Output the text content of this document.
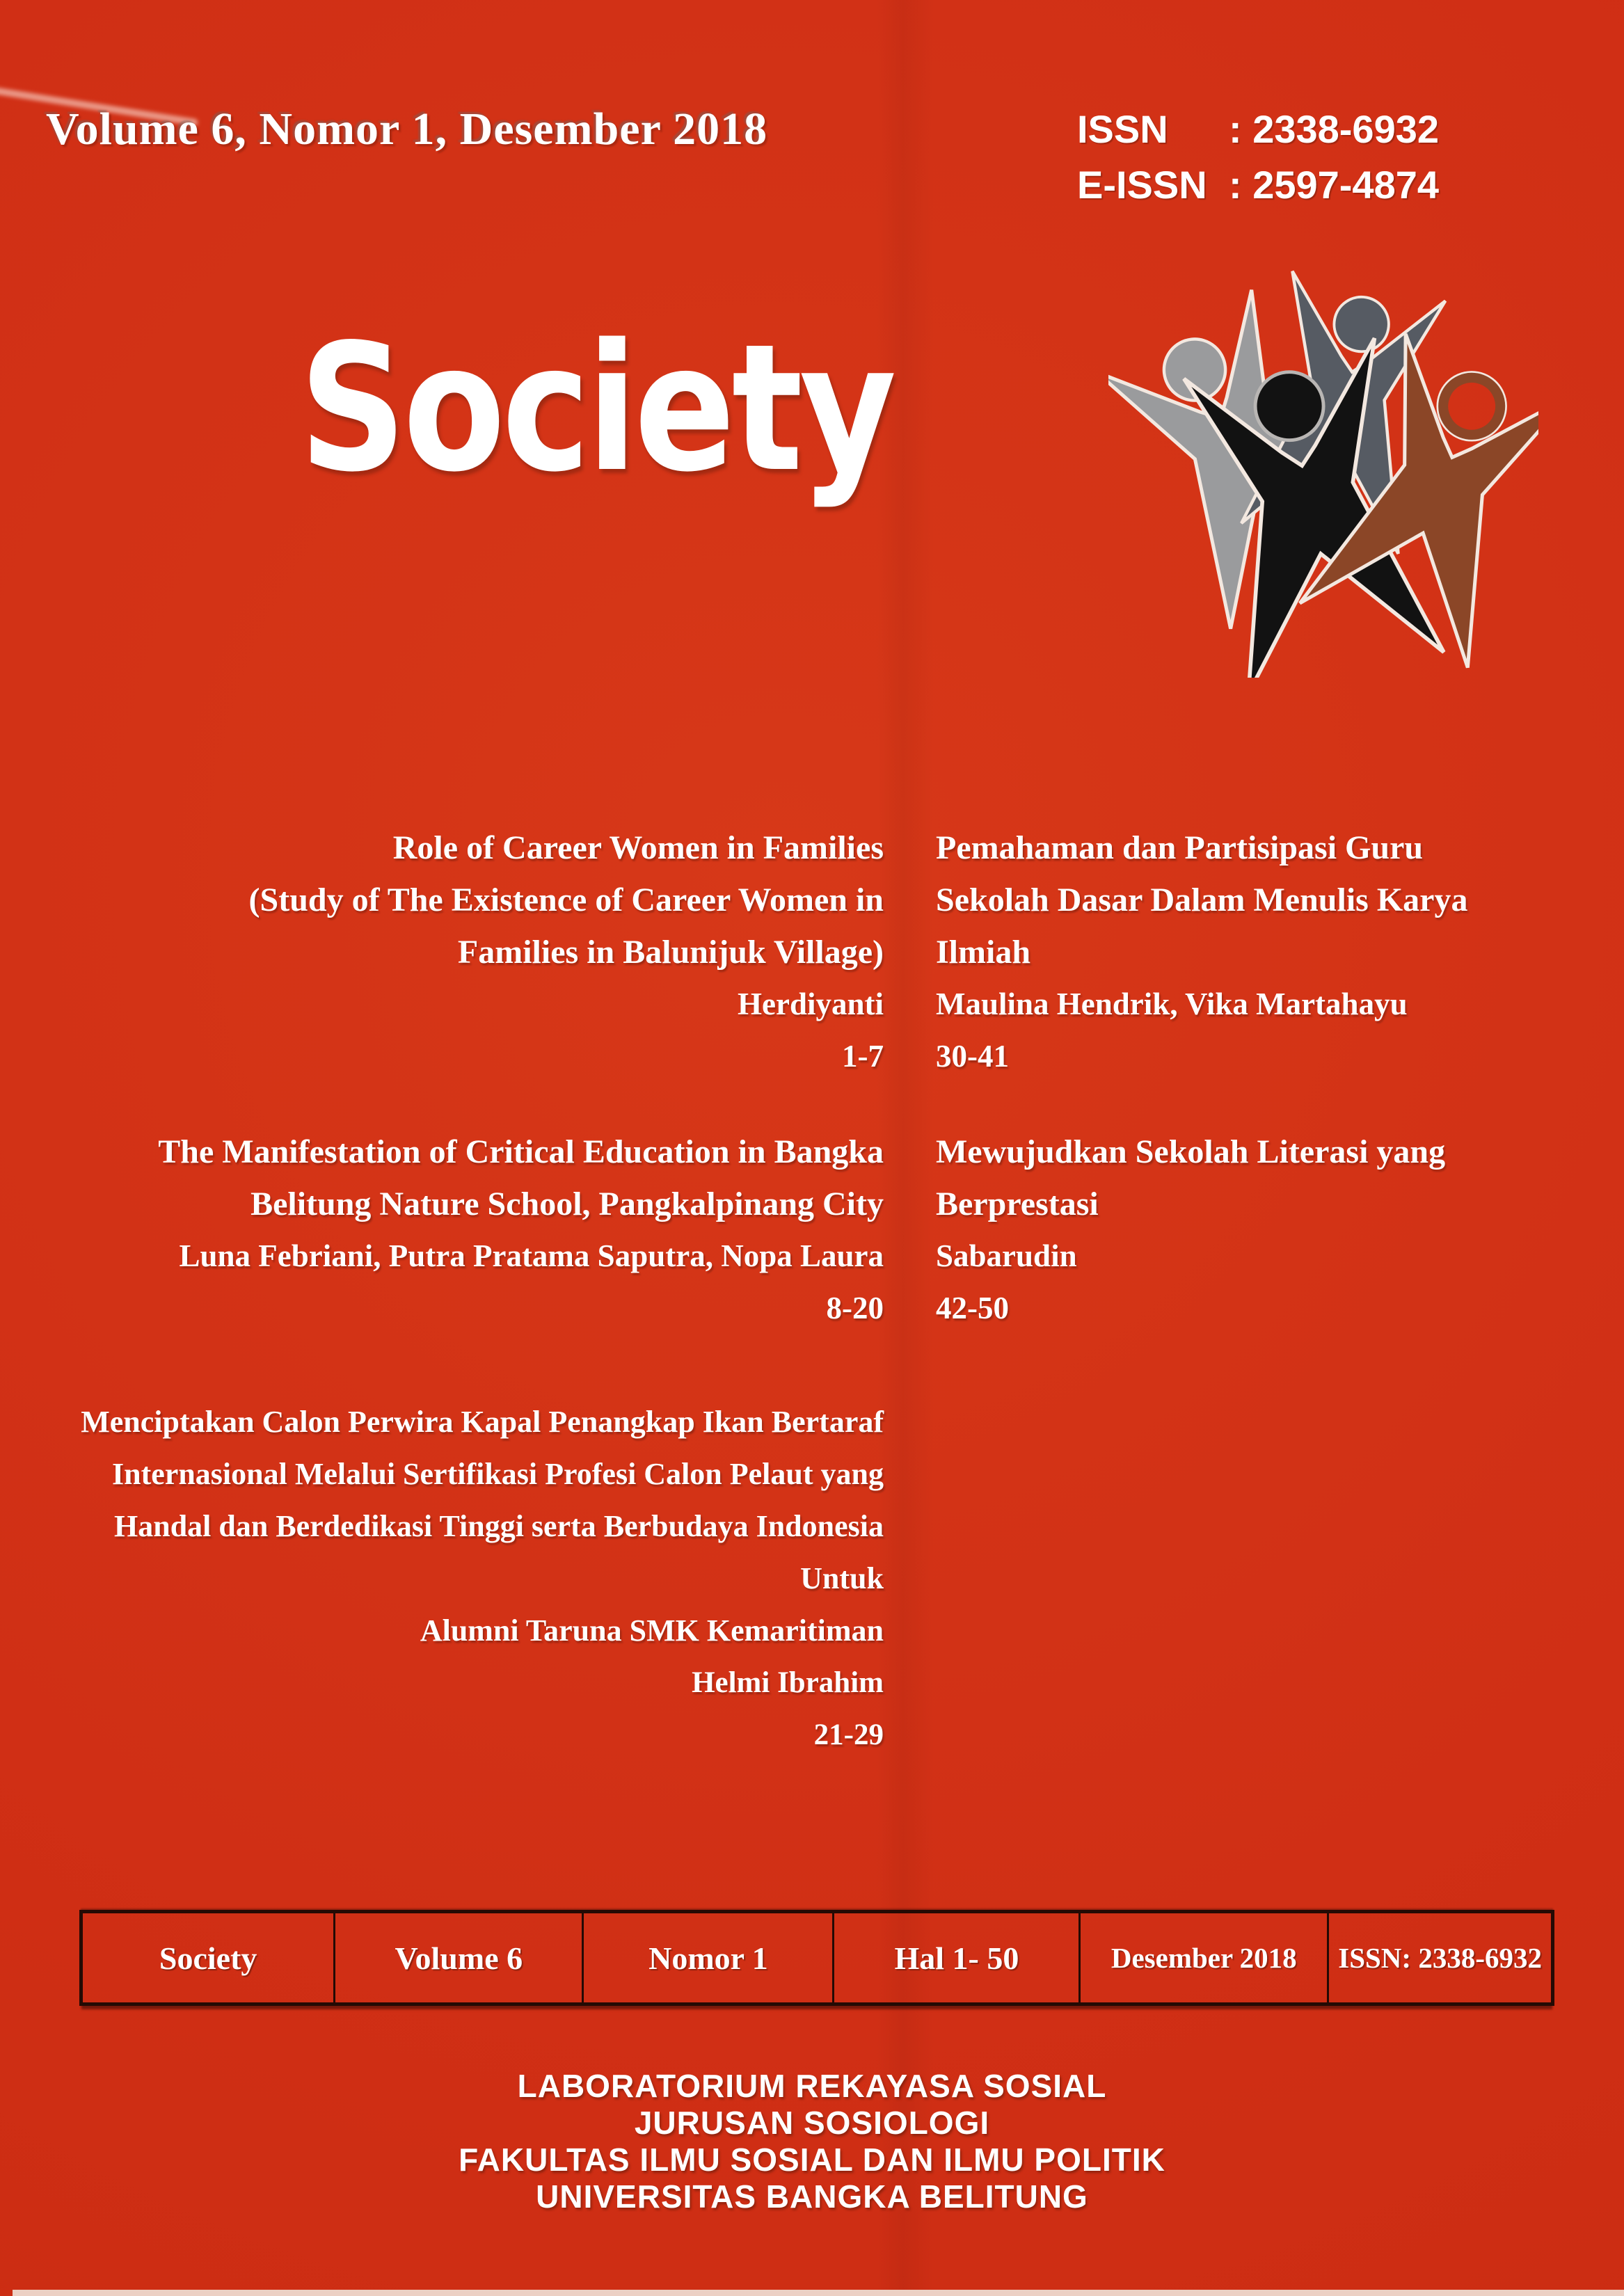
Volume 6, Nomor 1, Desember 2018	ISSN	: 2338-6932
E-ISSN : 2597-4874
Society
Role of Career Women in Families
(Study of The Existence of Career Women in
Families in Balunijuk Village)
Herdiyanti
1-7
The Manifestation of Critical Education in Bangka
Belitung Nature School, Pangkalpinang City
Luna Febriani, Putra Pratama Saputra, Nopa Laura
8-20
Menciptakan Calon Perwira Kapal Penangkap Ikan Bertaraf
Internasional Melalui Sertifikasi Profesi Calon Pelaut yang
Handal dan Berdedikasi Tinggi serta Berbudaya Indonesia Untuk
Alumni Taruna SMK Kemaritiman
Helmi Ibrahim
21-29
Pemahaman dan Partisipasi Guru
Sekolah Dasar Dalam Menulis Karya
Ilmiah
Maulina Hendrik, Vika Martahayu
30-41
Mewujudkan Sekolah Literasi yang
Berprestasi
Sabarudin
42-50
Society	Volume 6	Nomor 1	Hal 1- 50	Desember 2018	ISSN: 2338-6932
LABORATORIUM REKAYASA SOSIAL
JURUSAN SOSIOLOGI
FAKULTAS ILMU SOSIAL DAN ILMU POLITIK
UNIVERSITAS BANGKA BELITUNG
